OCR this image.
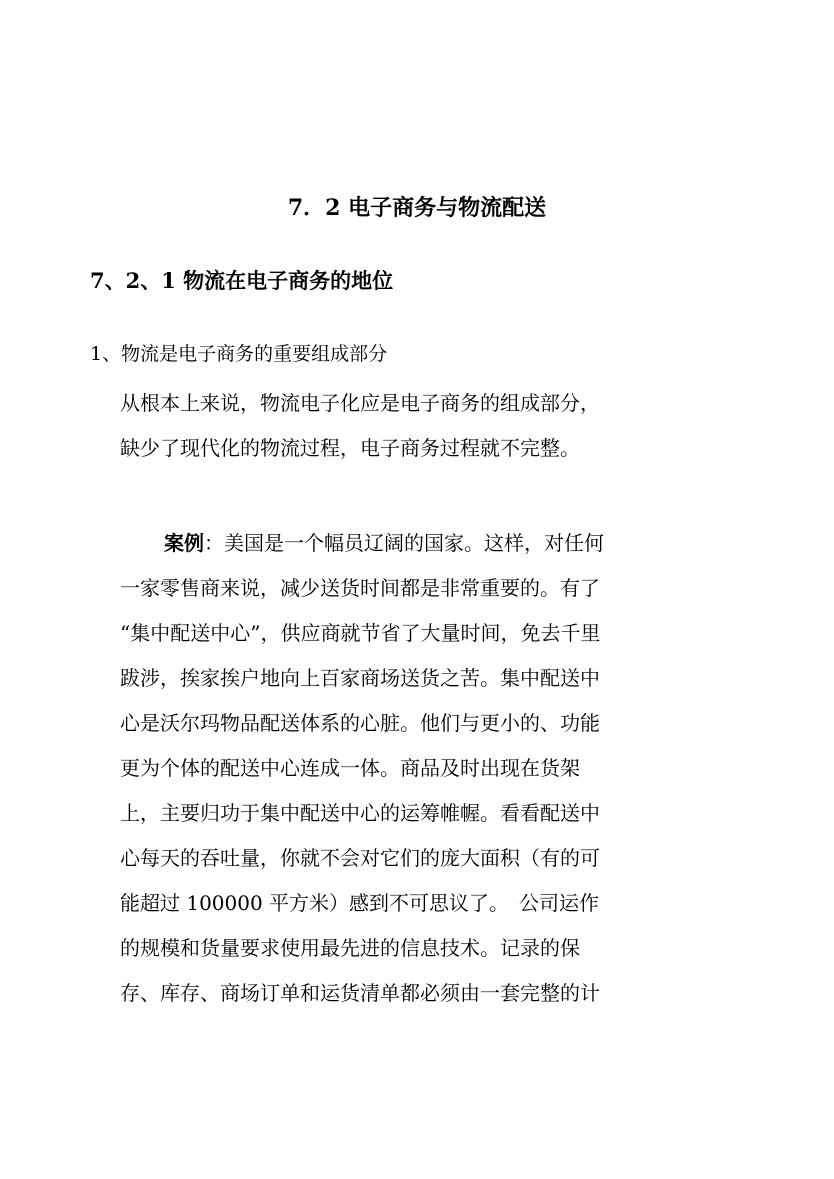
7．2 电子商务与物流配送
7、2、1 物流在电子商务的地位
1、物流是电子商务的重要组成部分
从根本上来说，物流电子化应是电子商务的组成部分，
缺少了现代化的物流过程，电子商务过程就不完整。
案例：美国是一个幅员辽阔的国家。这样，对任何
一家零售商来说，减少送货时间都是非常重要的。有了
“集中配送中心”，供应商就节省了大量时间，免去千里
跋涉，挨家挨户地向上百家商场送货之苦。集中配送中
心是沃尔玛物品配送体系的心脏。他们与更小的、功能
更为个体的配送中心连成一体。商品及时出现在货架
上，主要归功于集中配送中心的运筹帷幄。看看配送中
心每天的吞吐量，你就不会对它们的庞大面积（有的可
能超过 100000 平方米）感到不可思议了。　公司运作
的规模和货量要求使用最先进的信息技术。记录的保
存、库存、商场订单和运货清单都必须由一套完整的计
